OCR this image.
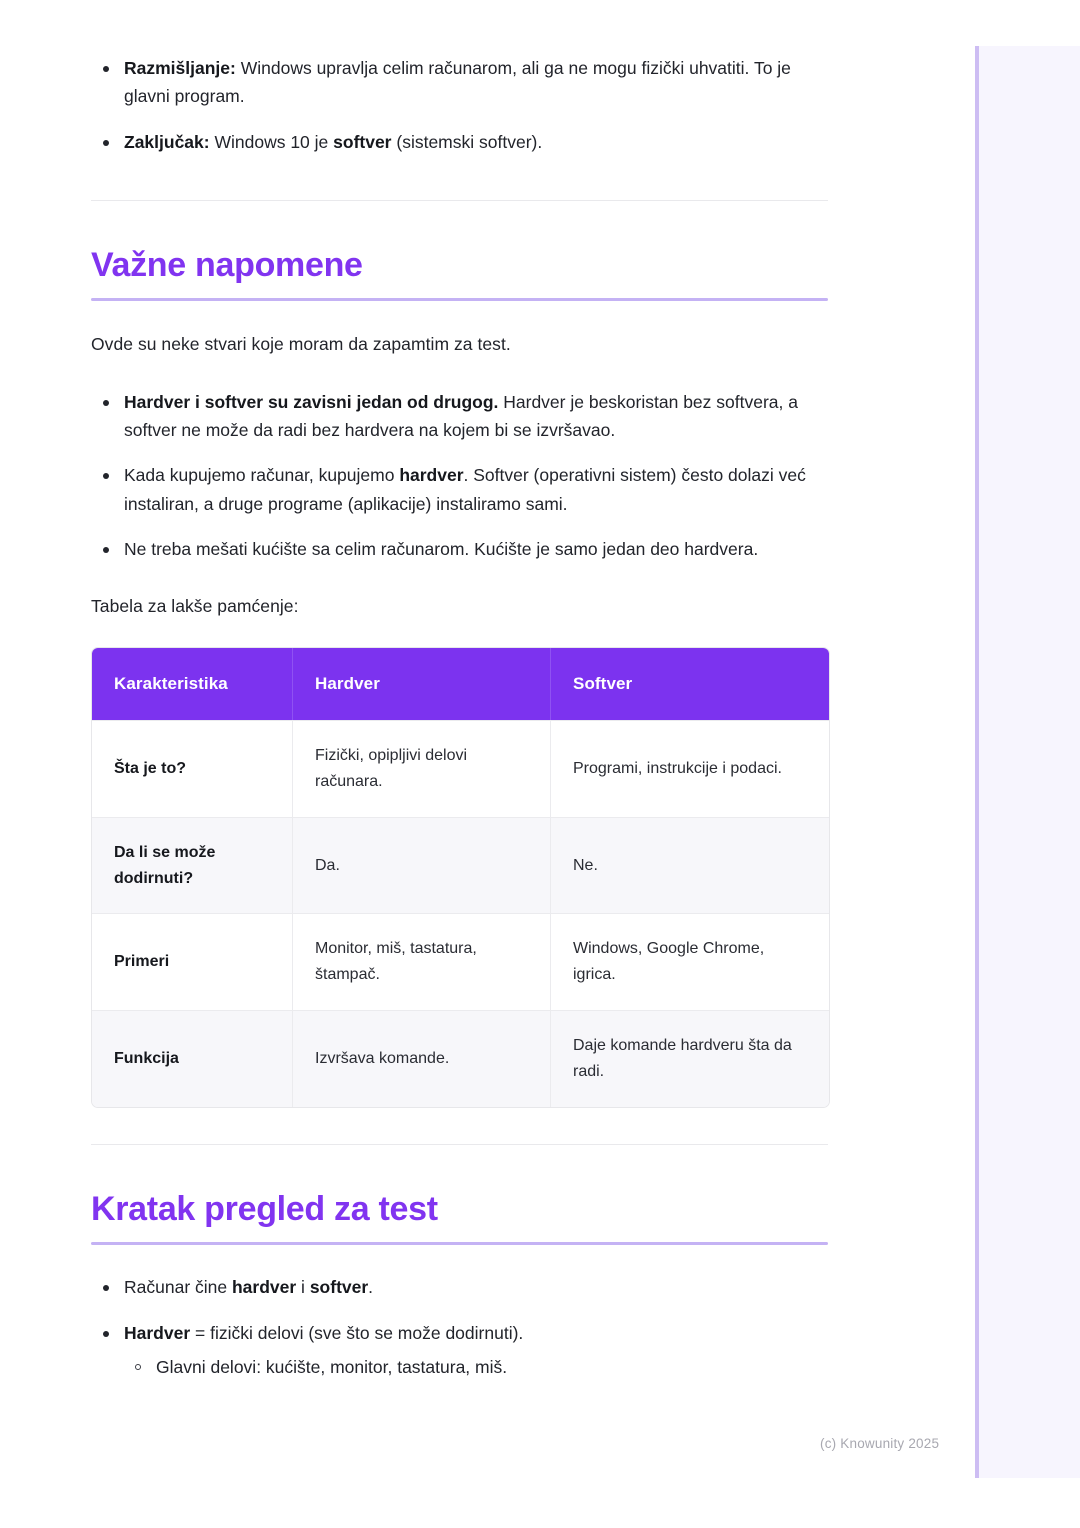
(c) Knowunity 2025
Razmišljanje: Windows upravlja celim računarom, ali ga ne mogu fizički uhvatiti. To je glavni program.
Zaključak: Windows 10 je softver (sistemski softver).
Važne napomene

Ovde su neke stvari koje moram da zapamtim za test.

Hardver i softver su zavisni jedan od drugog. Hardver je beskoristan bez softvera, a softver ne može da radi bez hardvera na kojem bi se izvršavao.
Kada kupujemo računar, kupujemo hardver. Softver (operativni sistem) često dolazi već instaliran, a druge programe (aplikacije) instaliramo sami.
Ne treba mešati kućište sa celim računarom. Kućište je samo jedan deo hardvera.

Tabela za lakše pamćenje:

Karakteristika	Hardver	Softver
Šta je to?	Fizički, opipljivi delovi računara.	Programi, instrukcije i podaci.
Da li se može dodirnuti?	Da.	Ne.
Primeri	Monitor, miš, tastatura, štampač.	Windows, Google Chrome, igrica.
Funkcija	Izvršava komande.	Daje komande hardveru šta da radi.
Kratak pregled za test
Računar čine hardver i softver.
Hardver = fizički delovi (sve što se može dodirnuti).
Glavni delovi: kućište, monitor, tastatura, miš.
